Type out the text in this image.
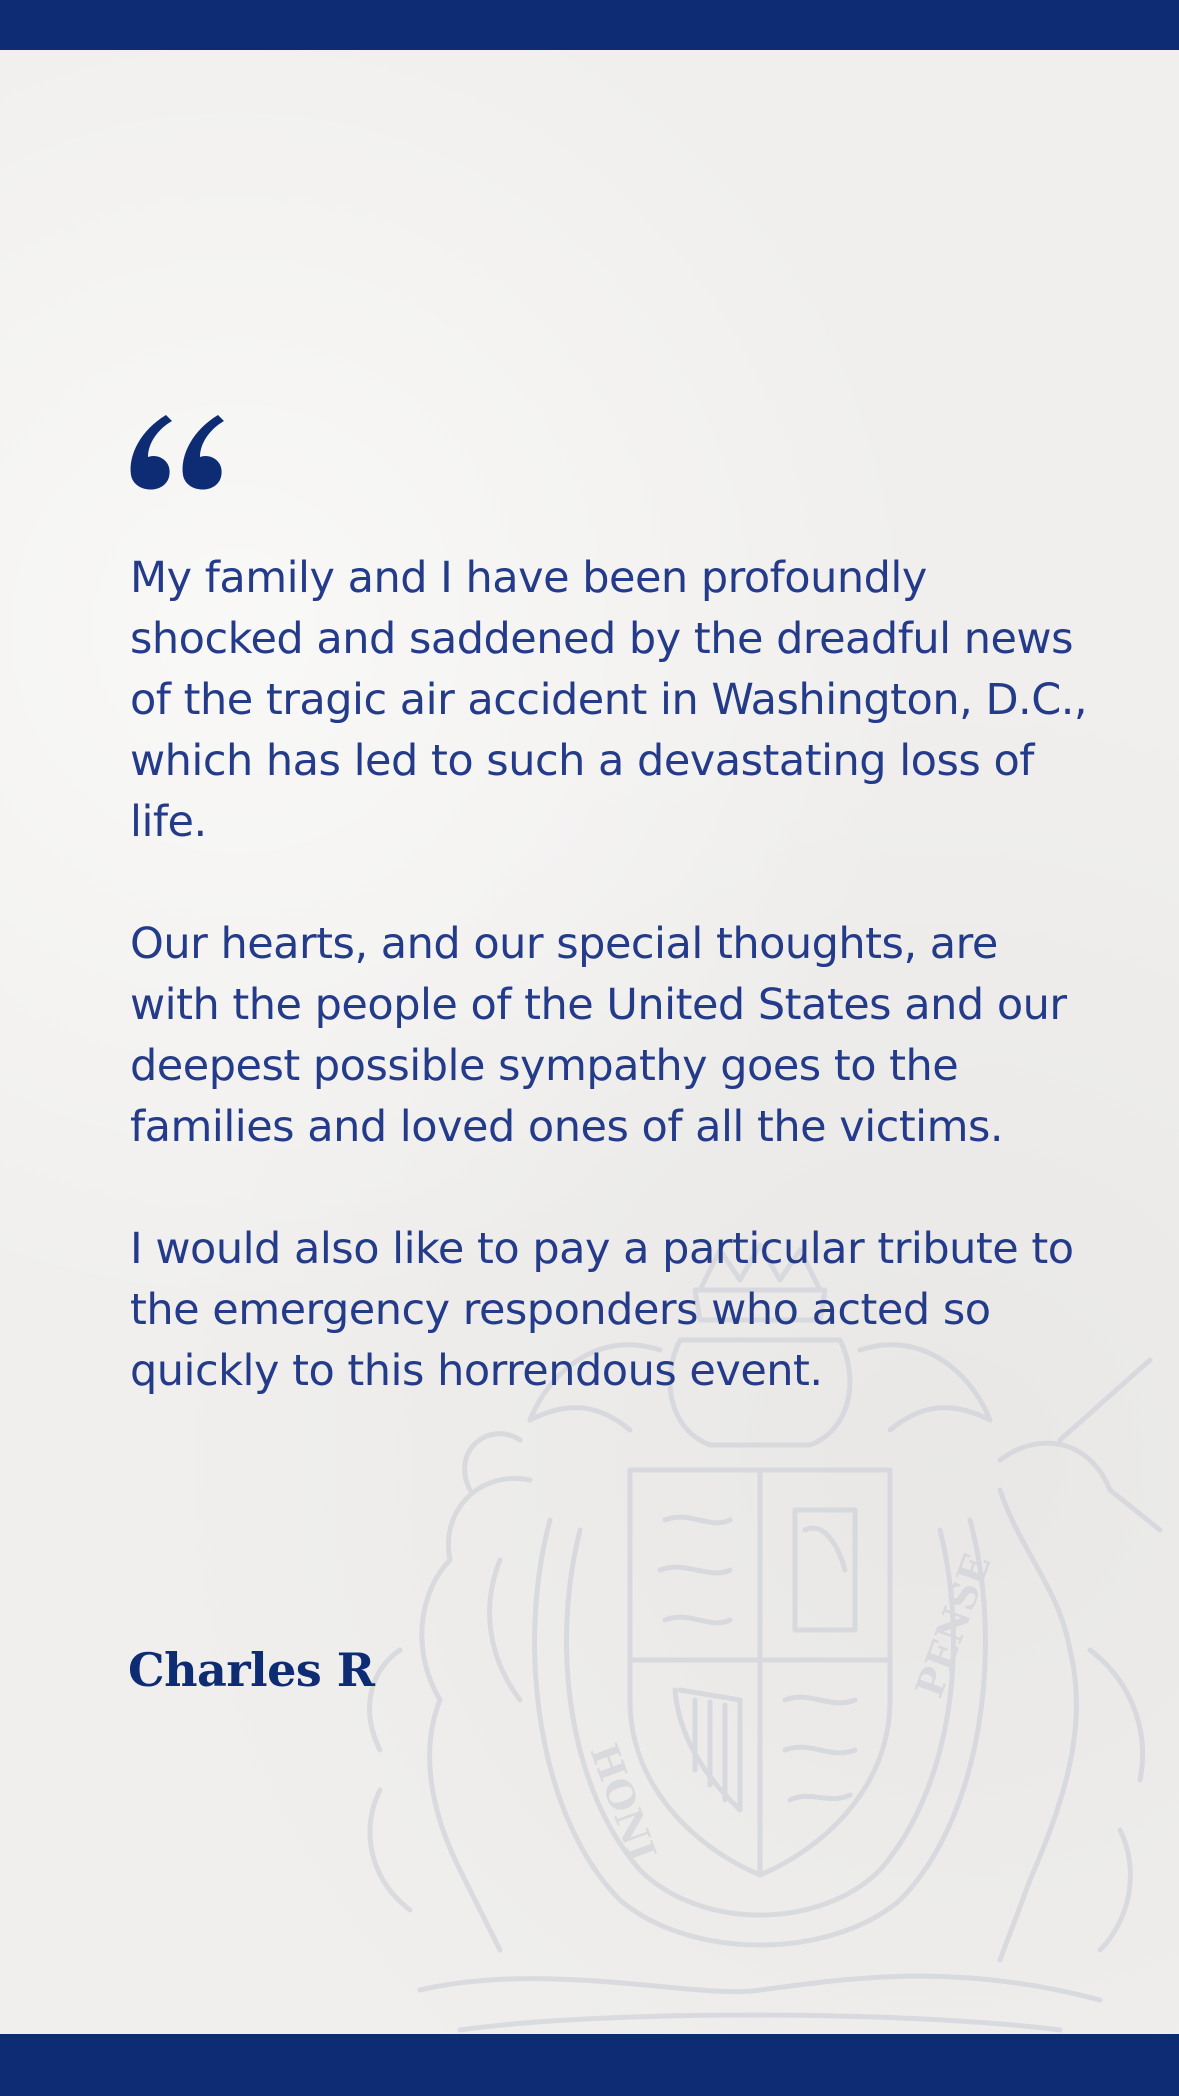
HONI
PENSE

My family and I have been profoundly shocked and saddened by the dreadful news of the tragic air accident in Washington, D.C., which has led to such a devastating loss of life.

Our hearts, and our special thoughts, are with the people of the United States and our deepest possible sympathy goes to the families and loved ones of all the victims.

I would also like to pay a particular tribute to the emergency responders who acted so quickly to this horrendous event.

Charles R
